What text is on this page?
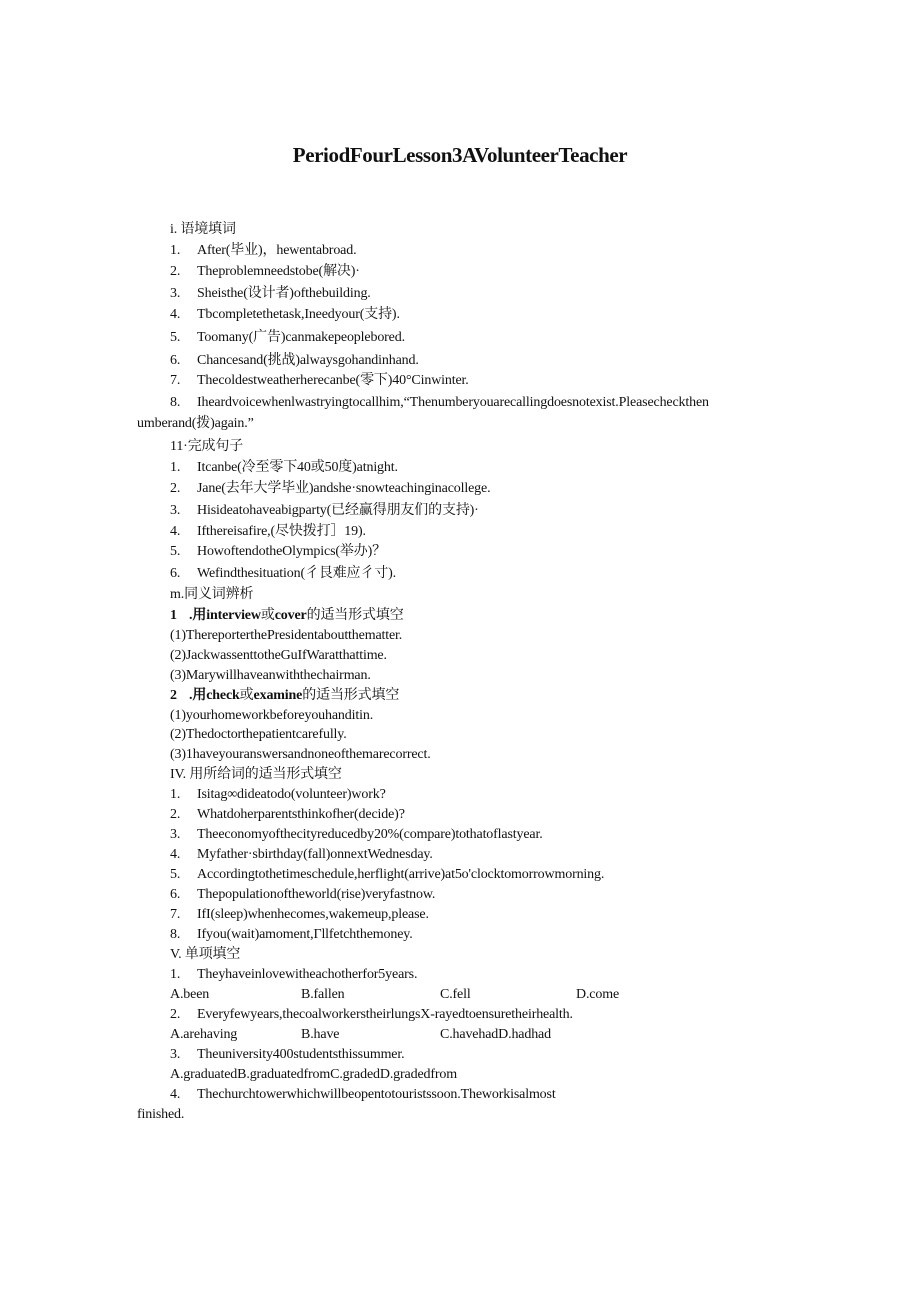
PeriodFourLesson3AVolunteerTeacher
i. 语境填词
1. After(毕业)，hewentabroad.
2. Theproblemneedstobe(解决)·
3. Sheisthe(设计者)ofthebuilding.
4. Tbcompletethetask,Ineedyour(支持).
5. Toomany(广告)canmakepeoplebored.
6. Chancesand(挑战)alwaysgohandinhand.
7. Thecoldestweatherherecanbe(零下)40°Cinwinter.
8. Iheardvoicewhenlwastryingtocallhim,“Thenumberyouarecallingdoesnotexist.Pleasecheckthen
umberand(拨)again.”
11·完成句子
1. Itcanbe(冷至零下40或50度)atnight.
2. Jane(去年大学毕业)andshe·snowteachinginacollege.
3. Hisideatohaveabigparty(已经赢得朋友们的支持)·
4. Ifthereisafire,(尽快拨打］19).
5. HowoftendotheOlympics(举办)？
6. Wefindthesituation(彳艮难应彳寸).
m.同义词辨析
1 .用interview或cover的适当形式填空
(1)ThereporterthePresidentaboutthematter.
(2)JackwassenttotheGuIfWaratthattime.
(3)Marywillhaveanwiththechairman.
2 .用check或examine的适当形式填空
(1)yourhomeworkbeforeyouhanditin.
(2)Thedoctorthepatientcarefully.
(3)1haveyouranswersandnoneofthemarecorrect.
IV. 用所给词的适当形式填空
1. Isitag∞dideatodo(volunteer)work?
2. Whatdoherparentsthinkofher(decide)?
3. Theeconomyofthecityreducedby20%(compare)tothatoflastyear.
4. Myfather·sbirthday(fall)onnextWednesday.
5. Accordingtothetimeschedule,herflight(arrive)at5o'clocktomorrowmorning.
6. Thepopulationoftheworld(rise)veryfastnow.
7. IfI(sleep)whenhecomes,wakemeup,please.
8. Ifyou(wait)amoment,Γllfetchthemoney.
V. 单项填空
1. Theyhaveinlovewitheachotherfor5years.
A.been	B.fallen	C.fell	D.come
2. Everyfewyears,thecoalworkerstheirlungsX-rayedtoensuretheirhealth.
A.arehaving	B.have	C.havehadD.hadhad
3. Theuniversity400studentsthissummer.
A.graduatedB.graduatedfromC.gradedD.gradedfrom
4. Thechurchtowerwhichwillbeopentotouristssoon.Theworkisalmost
finished.
